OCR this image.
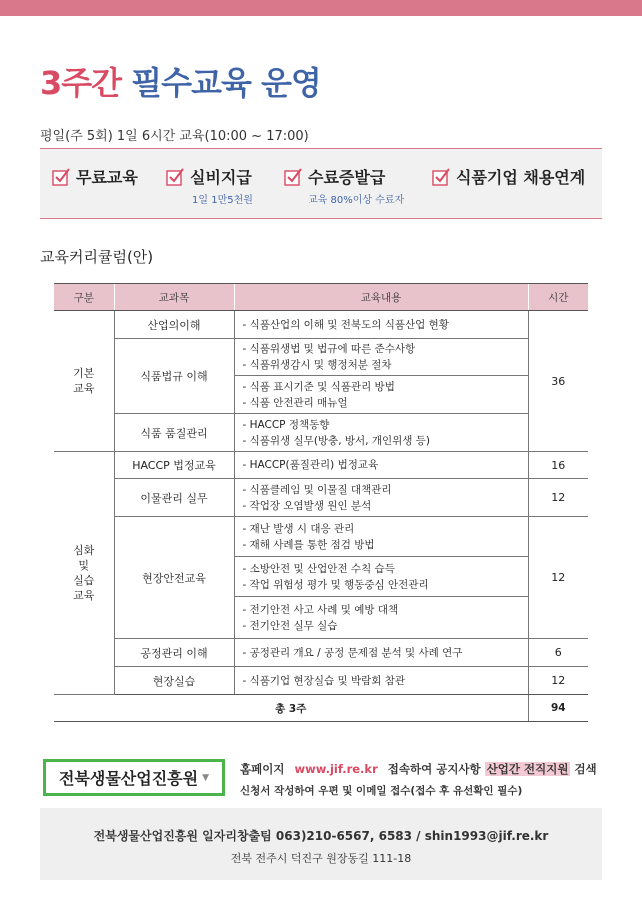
3주간 필수교육 운영
평일(주 5회) 1일 6시간 교육(10:00 ~ 17:00)
무료교육	실비지급
1일 1만5천원
수료증발급
교육 80%이상 수료자
식품기업 채용연계
교육커리큘럼(안)
구분	교과목	교육내용	시간
기본
교육	산업의이해	- 식품산업의 이해 및 전북도의 식품산업 현황	36
	식품법규 이해	- 식품위생법 및 법규에 따른 준수사항
- 식품위생감시 및 행정처분 절차	

		- 식품 표시기준 및 식품관리 방법
- 식품 안전관리 매뉴얼	

	식품 품질관리	- HACCP 정책동향
- 식품위생 실무(방충, 방서, 개인위생 등)	

심화
및
실습
교육	HACCP 법정교육	- HACCP(품질관리) 법정교육	16
	이물관리 실무	- 식품클레임 및 이물질 대책관리
- 작업장 오염발생 원인 분석	12
	현장안전교육	- 재난 발생 시 대응 관리
- 재해 사례를 통한 점검 방법	12

		- 소방안전 및 산업안전 수칙 습득
- 작업 위험성 평가 및 행동중심 안전관리	

		- 전기안전 사고 사례 및 예방 대책
- 전기안전 실무 실습	

	공정관리 이해	- 공정관리 개요 / 공정 문제점 분석 및 사례 연구	6
	현장실습	- 식품기업 현장실습 및 박람회 참관	12
총 3주			94
전북생물산업진흥원 ▼
홈페이지 www.jif.re.kr 접속하여 공지사항 산업간 전직지원 검색
신청서 작성하여 우편 및 이메일 접수(접수 후 유선확인 필수)
전북생물산업진흥원 일자리창출팀 063)210-6567, 6583 / shin1993@jif.re.kr
전북 전주시 덕진구 원장동길 111-18
